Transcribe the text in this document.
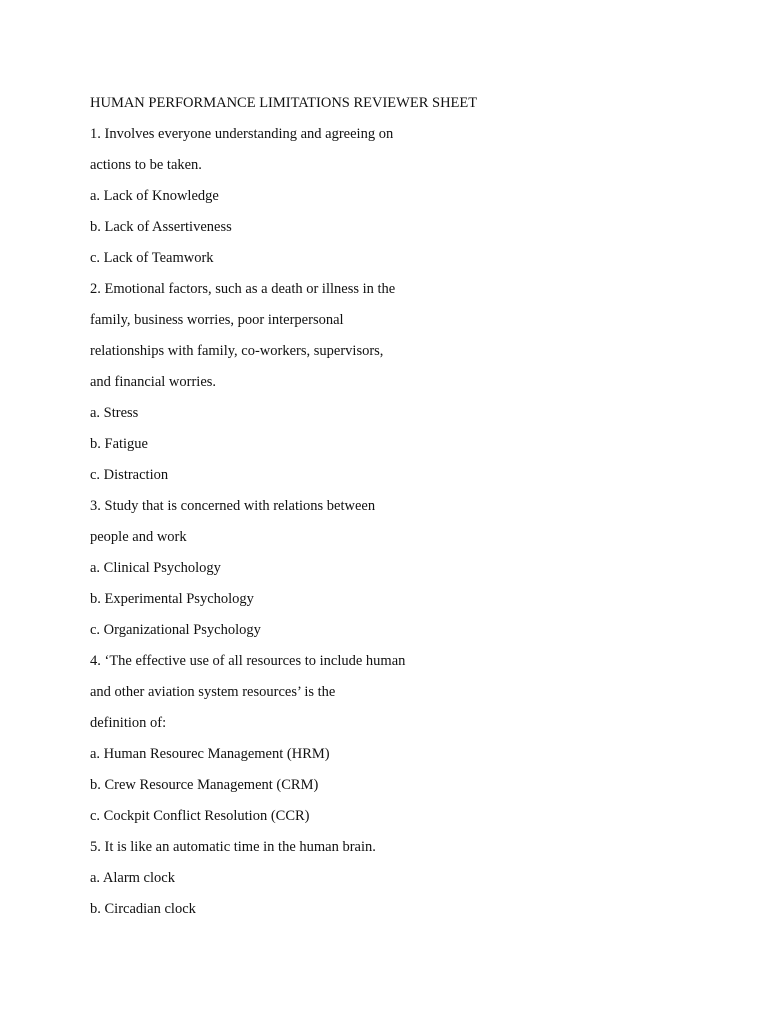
HUMAN PERFORMANCE LIMITATIONS REVIEWER SHEET
1. Involves everyone understanding and agreeing on
actions to be taken.
a. Lack of Knowledge
b. Lack of Assertiveness
c. Lack of Teamwork
2. Emotional factors, such as a death or illness in the
family, business worries, poor interpersonal
relationships with family, co-workers, supervisors,
and financial worries.
a. Stress
b. Fatigue
c. Distraction
3. Study that is concerned with relations between
people and work
a. Clinical Psychology
b. Experimental Psychology
c. Organizational Psychology
4. ‘The effective use of all resources to include human
and other aviation system resources’ is the
definition of:
a. Human Resourec Management (HRM)
b. Crew Resource Management (CRM)
c. Cockpit Conflict Resolution (CCR)
5. It is like an automatic time in the human brain.
a. Alarm clock
b. Circadian clock
